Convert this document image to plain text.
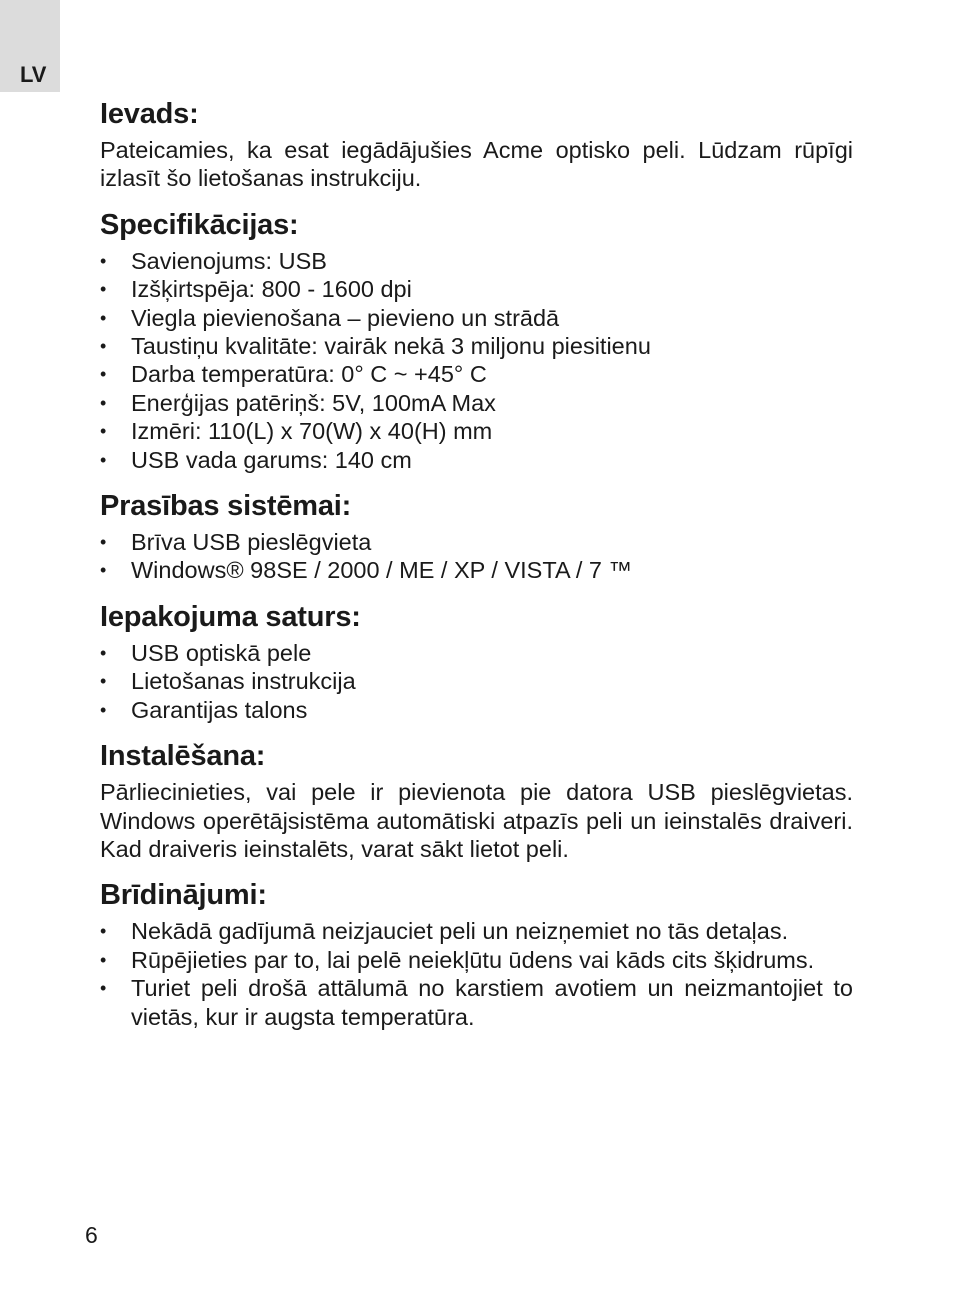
LV
Ievads:

Pateicamies, ka esat iegādājušies Acme optisko peli. Lūdzam rūpīgi izlasīt šo lietošanas instrukciju.

Specifikācijas:
• Savienojums: USB
• Izšķirtspēja: 800 - 1600 dpi
• Viegla pievienošana – pievieno un strādā
• Taustiņu kvalitāte: vairāk nekā 3 miljonu piesitienu
• Darba temperatūra: 0° C ~ +45° C
• Enerģijas patēriņš: 5V, 100mA Max
• Izmēri: 110(L) x 70(W) x 40(H) mm
• USB vada garums: 140 cm
Prasības sistēmai:
• Brīva USB pieslēgvieta
• Windows® 98SE / 2000 / ME / XP / VISTA / 7 ™
Iepakojuma saturs:
• USB optiskā pele
• Lietošanas instrukcija
• Garantijas talons
Instalēšana:

Pārliecinieties, vai pele ir pievienota pie datora USB pieslēgvietas. Windows operētājsistēma automātiski atpazīs peli un ieinstalēs draiveri. Kad draiveris ieinstalēts, varat sākt lietot peli.

Brīdinājumi:
• Nekādā gadījumā neizjauciet peli un neizņemiet no tās detaļas.
• Rūpējieties par to, lai pelē neiekļūtu ūdens vai kāds cits šķidrums.
• Turiet peli drošā attālumā no karstiem avotiem un neizmantojiet to vietās, kur ir augsta temperatūra.
6
